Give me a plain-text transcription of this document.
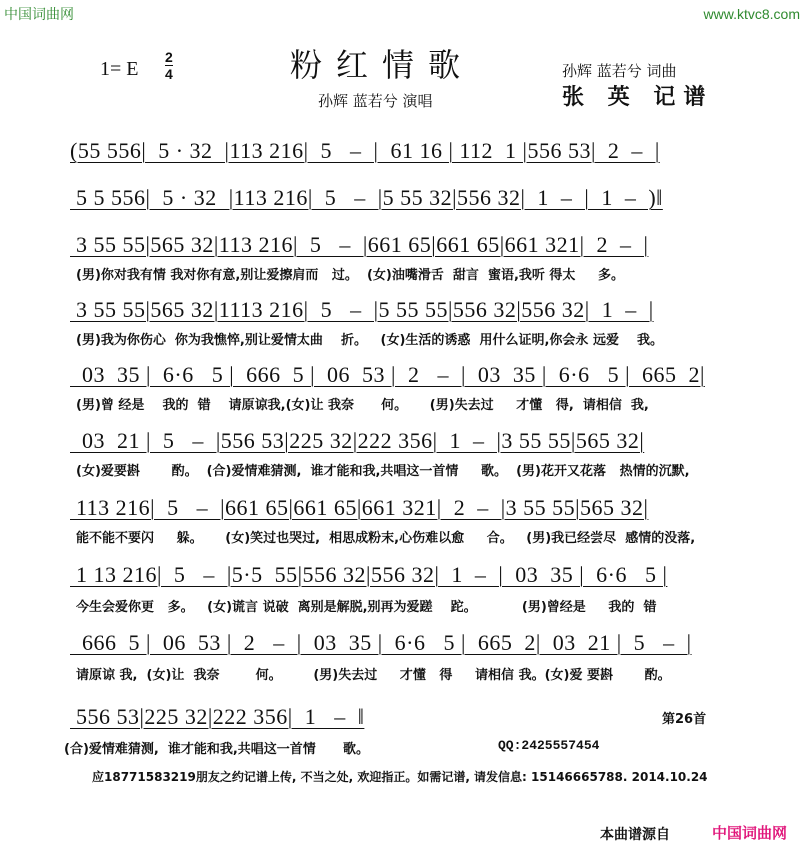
中国词曲网	www.ktvc8.com
1= E
2
4	粉红情歌
孙辉 蓝若兮 演唱
孙辉 蓝若兮 词曲
张 英 记谱
(55 556|  5 · 32  |113 216|  5   –  |  61 16 | 112  1 |556 53|  2  –  |
5 5 556|  5 · 32  |113 216|  5   –  |5 55 32|556 32|  1  –  |  1  –  )‖
3 55 55|565 32|113 216|  5   –  |661 65|661 65|661 321|  2  –  |
(男)你对我有情 我对你有意,别让爱擦肩而   过。  (女)油嘴滑舌  甜言  蜜语,我听 得太     多。
3 55 55|565 32|1113 216|  5   –  |5 55 55|556 32|556 32|  1  –  |
(男)我为你伤心  你为我憔悴,别让爱情太曲    折。   (女)生活的诱惑  用什么证明,你会永 远爱    我。
03  35 |  6·6   5 |  666  5 |  06  53 |  2   –  |  03  35 |  6·6   5 |  665  2|
(男)曾 经是    我的  错    请原谅我,(女)让 我奈      何。     (男)失去过     才懂   得,  请相信  我,
03  21 |  5   –  |556 53|225 32|222 356|  1  –  |3 55 55|565 32|
(女)爱要斟       酌。  (合)爱情难猜测,  谁才能和我,共唱这一首情     歌。  (男)花开又花落   热情的沉默,
113 216|  5   –  |661 65|661 65|661 321|  2  –  |3 55 55|565 32|
能不能不要闪     躲。     (女)笑过也哭过,  相思成粉末,心伤难以愈     合。   (男)我已经尝尽  感情的没落,
1 13 216|  5   –  |5·5  55|556 32|556 32|  1  –  |  03  35 |  6·6   5 |
今生会爱你更   多。   (女)谎言 说破  离别是解脱,别再为爱蹉    跎。          (男)曾经是     我的  错
666  5 |  06  53 |  2   –  |  03  35 |  6·6   5 |  665  2|  03  21 |  5   –  |
请原谅 我,  (女)让  我奈        何。       (男)失去过     才懂   得     请相信 我。(女)爱 要斟       酌。
556 53|225 32|222 356|  1   –  ‖
(合)爱情难猜测,  谁才能和我,共唱这一首情      歌。
第26首
QQ:2425557454
应18771583219朋友之约记谱上传, 不当之处, 欢迎指正。如需记谱, 请发信息: 15146665788. 2014.10.24
本曲谱源自	中国词曲网
